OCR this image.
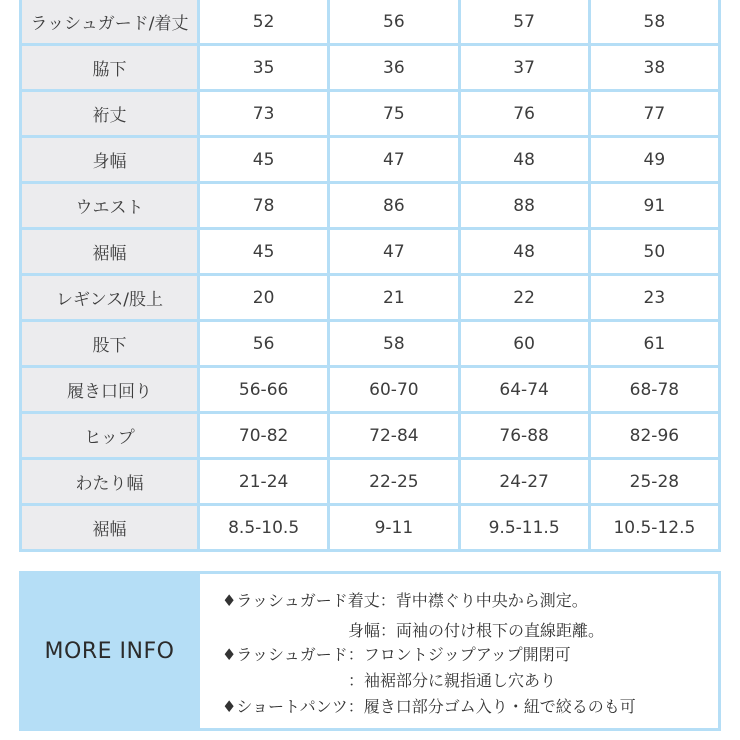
ラッシュガード/着丈	52	56	57	58
脇下	35	36	37	38
裄丈	73	75	76	77
身幅	45	47	48	49
ウエスト	78	86	88	91
裾幅	45	47	48	50
レギンス/股上	20	21	22	23
股下	56	58	60	61
履き口回り	56-66	60-70	64-74	68-78
ヒップ	70-82	72-84	76-88	82-96
わたり幅	21-24	22-25	24-27	25-28
裾幅	8.5-10.5	9-11	9.5-11.5	10.5-12.5
MORE INFO
♦ラッシュガード着丈：背中襟ぐり中央から測定。
身幅：両袖の付け根下の直線距離。
♦ラッシュガード：フロントジップアップ開閉可
：袖裾部分に親指通し穴あり
♦ショートパンツ：履き口部分ゴム入り・紐で絞るのも可
